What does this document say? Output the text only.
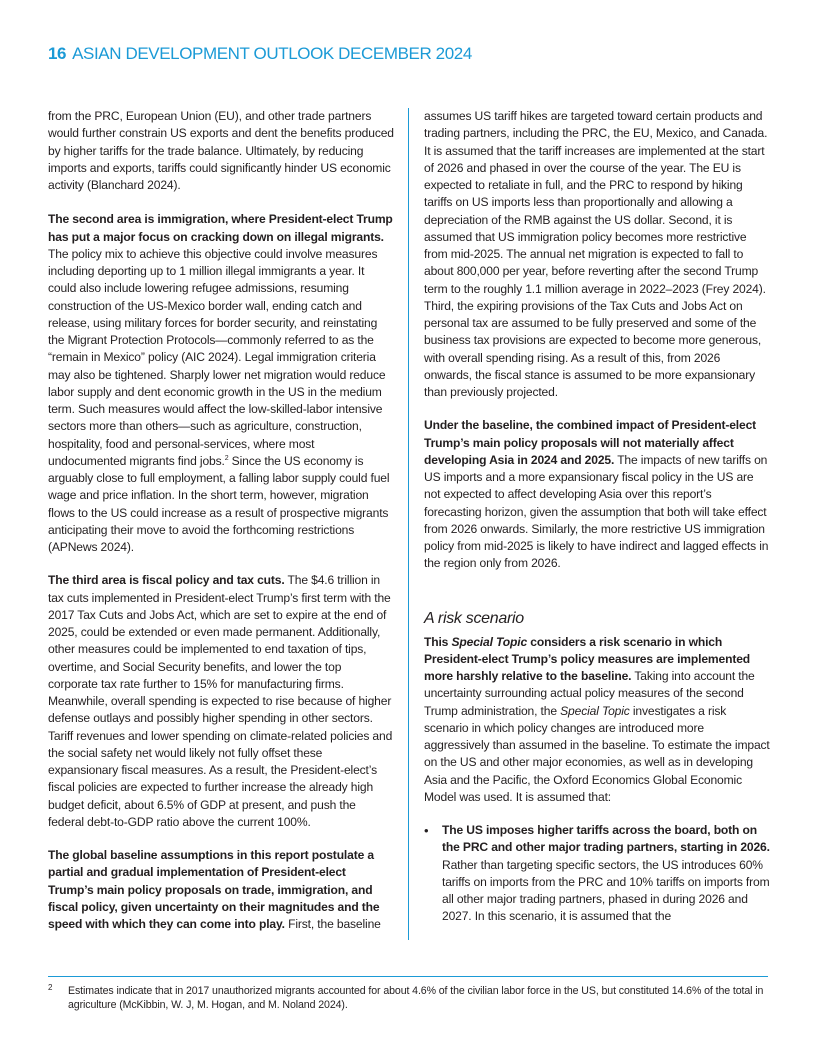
16 ASIAN DEVELOPMENT OUTLOOK DECEMBER 2024

from the PRC, European Union (EU), and other trade partners would further constrain US exports and dent the benefits produced by higher tariffs for the trade balance. Ultimately, by reducing imports and exports, tariffs could significantly hinder US economic activity (Blanchard 2024).

The second area is immigration, where President-elect Trump has put a major focus on cracking down on illegal migrants. The policy mix to achieve this objective could involve measures including deporting up to 1 million illegal immigrants a year. It could also include lowering refugee admissions, resuming construction of the US-Mexico border wall, ending catch and release, using military forces for border security, and reinstating the Migrant Protection Protocols—commonly referred to as the “remain in Mexico” policy (AIC 2024). Legal immigration criteria may also be tightened. Sharply lower net migration would reduce labor supply and dent economic growth in the US in the medium term. Such measures would affect the low-skilled-labor intensive sectors more than others—such as agriculture, construction, hospitality, food and personal-services, where most undocumented migrants find jobs.$^2$ Since the US economy is arguably close to full employment, a falling labor supply could fuel wage and price inflation. In the short term, however, migration flows to the US could increase as a result of prospective migrants anticipating their move to avoid the forthcoming restrictions (APNews 2024).

The third area is fiscal policy and tax cuts. The $4.6 trillion in tax cuts implemented in President-elect Trump’s first term with the 2017 Tax Cuts and Jobs Act, which are set to expire at the end of 2025, could be extended or even made permanent. Additionally, other measures could be implemented to end taxation of tips, overtime, and Social Security benefits, and lower the top corporate tax rate further to 15% for manufacturing firms. Meanwhile, overall spending is expected to rise because of higher defense outlays and possibly higher spending in other sectors. Tariff revenues and lower spending on climate-related policies and the social safety net would likely not fully offset these expansionary fiscal measures. As a result, the President-elect’s fiscal policies are expected to further increase the already high budget deficit, about 6.5% of GDP at present, and push the federal debt-to-GDP ratio above the current 100%.

The global baseline assumptions in this report postulate a partial and gradual implementation of President-elect Trump’s main policy proposals on trade, immigration, and fiscal policy, given uncertainty on their magnitudes and the speed with which they can come into play. First, the baseline

assumes US tariff hikes are targeted toward certain products and trading partners, including the PRC, the EU, Mexico, and Canada. It is assumed that the tariff increases are implemented at the start of 2026 and phased in over the course of the year. The EU is expected to retaliate in full, and the PRC to respond by hiking tariffs on US imports less than proportionally and allowing a depreciation of the RMB against the US dollar. Second, it is assumed that US immigration policy becomes more restrictive from mid-2025. The annual net migration is expected to fall to about 800,000 per year, before reverting after the second Trump term to the roughly 1.1 million average in 2022–2023 (Frey 2024). Third, the expiring provisions of the Tax Cuts and Jobs Act on personal tax are assumed to be fully preserved and some of the business tax provisions are expected to become more generous, with overall spending rising. As a result of this, from 2026 onwards, the fiscal stance is assumed to be more expansionary than previously projected.

Under the baseline, the combined impact of President-elect Trump’s main policy proposals will not materially affect developing Asia in 2024 and 2025. The impacts of new tariffs on US imports and a more expansionary fiscal policy in the US are not expected to affect developing Asia over this report’s forecasting horizon, given the assumption that both will take effect from 2026 onwards. Similarly, the more restrictive US immigration policy from mid-2025 is likely to have indirect and lagged effects in the region only from 2026.

A risk scenario

This Special Topic considers a risk scenario in which President-elect Trump’s policy measures are implemented more harshly relative to the baseline. Taking into account the uncertainty surrounding actual policy measures of the second Trump administration, the Special Topic investigates a risk scenario in which policy changes are introduced more aggressively than assumed in the baseline. To estimate the impact on the US and other major economies, as well as in developing Asia and the Pacific, the Oxford Economics Global Economic Model was used. It is assumed that:

• The US imposes higher tariffs across the board, both on the PRC and other major trading partners, starting in 2026. Rather than targeting specific sectors, the US introduces 60% tariffs on imports from the PRC and 10% tariffs on imports from all other major trading partners, phased in during 2026 and 2027. In this scenario, it is assumed that the
2 Estimates indicate that in 2017 unauthorized migrants accounted for about 4.6% of the civilian labor force in the US, but constituted 14.6% of the total in agriculture (McKibbin, W. J, M. Hogan, and M. Noland 2024).
